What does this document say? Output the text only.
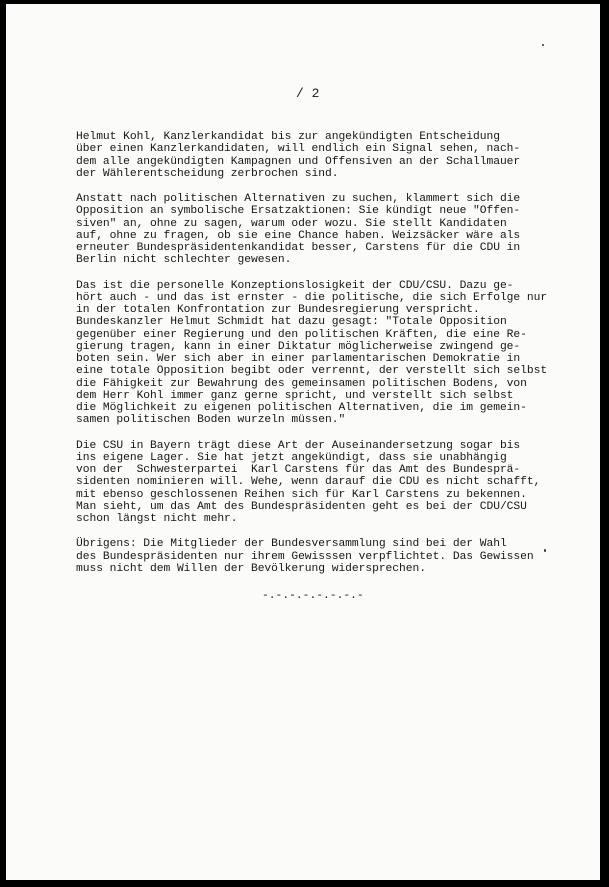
/ 2
Helmut Kohl, Kanzlerkandidat bis zur angekündigten Entscheidung
über einen Kanzlerkandidaten, will endlich ein Signal sehen, nach-
dem alle angekündigten Kampagnen und Offensiven an der Schallmauer
der Wählerentscheidung zerbrochen sind.
Anstatt nach politischen Alternativen zu suchen, klammert sich die
Opposition an symbolische Ersatzaktionen: Sie kündigt neue "Offen-
siven" an, ohne zu sagen, warum oder wozu. Sie stellt Kandidaten
auf, ohne zu fragen, ob sie eine Chance haben. Weizsäcker wäre als
erneuter Bundespräsidentenkandidat besser, Carstens für die CDU in
Berlin nicht schlechter gewesen.
Das ist die personelle Konzeptionslosigkeit der CDU/CSU. Dazu ge-
hört auch - und das ist ernster - die politische, die sich Erfolge nur
in der totalen Konfrontation zur Bundesregierung verspricht.
Bundeskanzler Helmut Schmidt hat dazu gesagt: "Totale Opposition
gegenüber einer Regierung und den politischen Kräften, die eine Re-
gierung tragen, kann in einer Diktatur möglicherweise zwingend ge-
boten sein. Wer sich aber in einer parlamentarischen Demokratie in
eine totale Opposition begibt oder verrennt, der verstellt sich selbst
die Fähigkeit zur Bewahrung des gemeinsamen politischen Bodens, von
dem Herr Kohl immer ganz gerne spricht, und verstellt sich selbst
die Möglichkeit zu eigenen politischen Alternativen, die im gemein-
samen politischen Boden wurzeln müssen."
Die CSU in Bayern trägt diese Art der Auseinandersetzung sogar bis
ins eigene Lager. Sie hat jetzt angekündigt, dass sie unabhängig
von der  Schwesterpartei  Karl Carstens für das Amt des Bundesprä-
sidenten nominieren will. Wehe, wenn darauf die CDU es nicht schafft,
mit ebenso geschlossenen Reihen sich für Karl Carstens zu bekennen.
Man sieht, um das Amt des Bundespräsidenten geht es bei der CDU/CSU
schon längst nicht mehr.
Übrigens: Die Mitglieder der Bundesversammlung sind bei der Wahl
des Bundespräsidenten nur ihrem Gewisssen verpflichtet. Das Gewissen
muss nicht dem Willen der Bevölkerung widersprechen.
-.-.-.-.-.-.-.-
